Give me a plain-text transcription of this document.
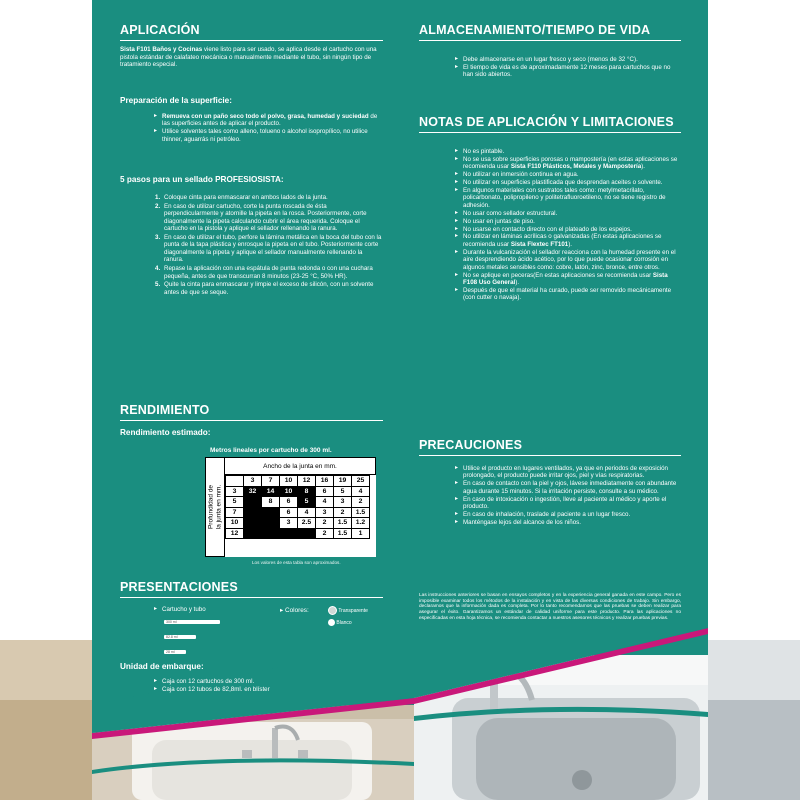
APLICACIÓN

Sista F101 Baños y Cocinas viene listo para ser usado, se aplica desde el cartucho con una pistola estándar de calafateo mecánica o manualmente mediante el tubo, sin ningún tipo de tratamiento especial.

Preparación de la superficie:

▸ Remueva con un paño seco todo el polvo, grasa, humedad y suciedad de las superficies antes de aplicar el producto.
▸ Utilice solventes tales como alleno, tolueno o alcohol isopropílico, no utilice thinner, aguarrás ni petróleo.

5 pasos para un sellado PROFESIOSISTA:

1. Coloque cinta para enmascarar en ambos lados de la junta.
2. En caso de utilizar cartucho, corte la punta roscada de ésta perpendicularmente y atornille la pipeta en la rosca. Posteriormente, corte diagonalmente la pipeta calculando cubrir el área requerida. Coloque el cartucho en la pistola y aplique el sellador rellenando la ranura.
3. En caso de utilizar el tubo, perfore la lámina metálica en la boca del tubo con la punta de la tapa plástica y enrosque la pipeta en el tubo. Posteriormente corte diagonalmente la pipeta y aplique el sellador manualmente rellenando la ranura.
4. Repase la aplicación con una espátula de punta redonda o con una cuchara pequeña, antes de que transcurran 8 minutos (23-25 °C, 50% HR).
5. Quite la cinta para enmascarar y limpie el exceso de silicón, con un solvente antes de que se seque.
RENDIMIENTO

Rendimiento estimado:

Metros lineales por cartucho de 300 ml.

Profundidad de la junta en mm.
Ancho de la junta en mm.
	3	7	10	12	16	19	25
3	32	14	10	8	6	5	4
5		8	6	5	4	3	2
7			6	4	3	2	1.5
10			3	2.5	2	1.5	1.2
12					2	1.5	1

Los valores de esta tabla son aproximados.

PRESENTACIONES
▸ Cartucho y tubo
300 ml
82.8 ml
28 ml

▸ Colores:	Transparente

Blanco

Unidad de embarque:

▸ Caja con 12 cartuchos de 300 ml.
▸ Caja con 12 tubos de 82,8ml. en blíster
ALMACENAMIENTO/TIEMPO DE VIDA
▸ Debe almacenarse en un lugar fresco y seco (menos de 32 °C).
▸ El tiempo de vida es de aproximadamente 12 meses para cartuchos que no han sido abiertos.
NOTAS DE APLICACIÓN Y LIMITACIONES
▸ No es pintable.
▸ No se usa sobre superficies porosas o mampostería (en estas aplicaciones se recomienda usar Sista F110 Plásticos, Metales y Mampostería).
▸ No utilizar en inmersión continua en agua.
▸ No utilizar en superficies plastificada que desprendan aceites o solvente.
▸ En algunos materiales con sustratos tales como: metylmetacrilato, policarbonato, polipropileno y politetrafluoroetileno, no se tiene registro de adhesión.
▸ No usar como sellador estructural.
▸ No usar en juntas de piso.
▸ No usarse en contacto directo con el plateado de los espejos.
▸ No utilizar en láminas acrílicas o galvanizadas (En estas aplicaciones se recomienda usar Sista Flextec FT101).
▸ Durante la vulcanización el sellador reacciona con la humedad presente en el aire desprendiendo ácido acético, por lo que puede ocasionar corrosión en algunos metales sensibles como: cobre, latón, zinc, bronce, entre otros.
▸ No se aplique en peceras(En estas aplicaciones se recomienda usar Sista F108 Uso General).
▸ Después de que el material ha curado, puede ser removido mecánicamente (con cutter o navaja).
PRECAUCIONES
▸ Utilice el producto en lugares ventilados, ya que en periodos de exposición prolongado, el producto puede irritar ojos, piel y vías respiratorias.
▸ En caso de contacto con la piel y ojos, lávese inmediatamente con abundante agua durante 15 minutos. Si la irritación persiste, consulte a su médico.
▸ En caso de intoxicación o ingestión, lleve al paciente al médico y aporte el producto.
▸ En caso de inhalación, traslade al paciente a un lugar fresco.
▸ Manténgase lejos del alcance de los niños.

Las instrucciones anteriores se basan en ensayos completos y en la experiencia general ganada en este campo. Pero es imposible examinar todos los métodos de la instalación y en vista de las diversas condiciones de trabajo. Sin embargo, declaramos que la información dada es completa. Por lo tanto recomendamos que las pruebas se deben realizar para asegurar el éxito. Garantizamos un estándar de calidad uniforme para este producto. Para las aplicaciones no especificadas en esta hoja técnica, se recomienda contactar a nuestros asesores técnicos y realizar pruebas previas.
